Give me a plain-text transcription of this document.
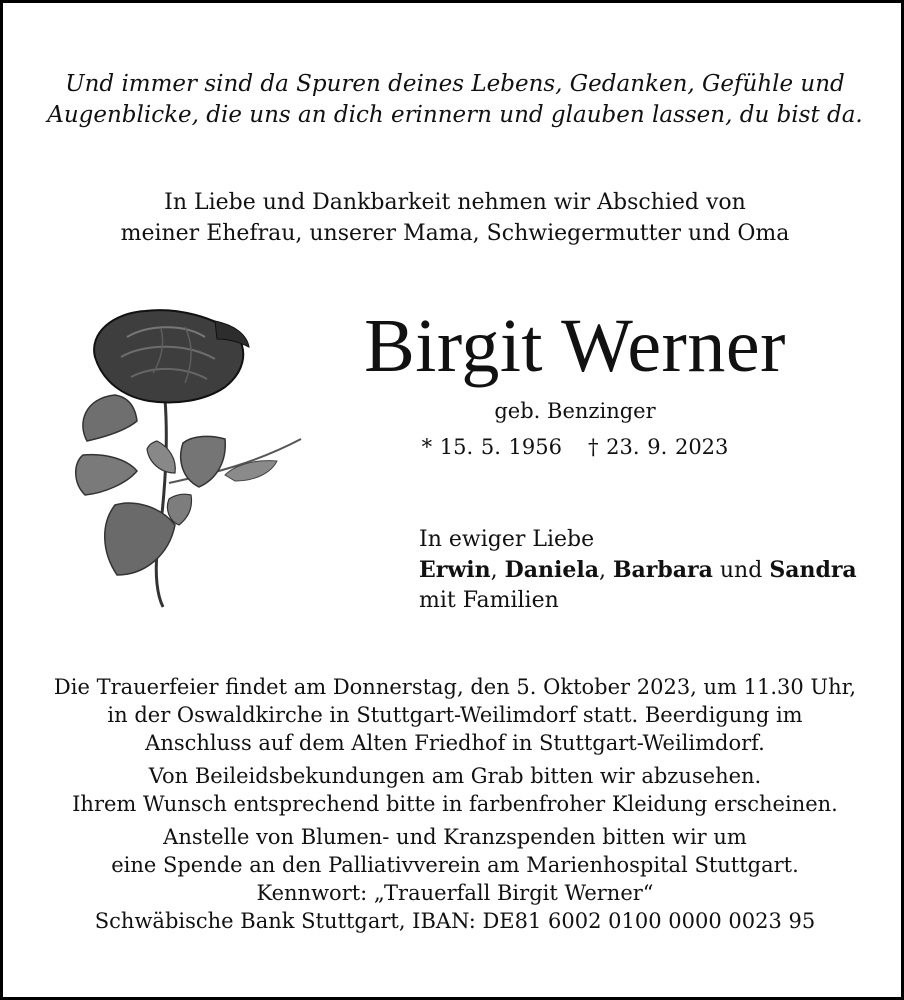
Und immer sind da Spuren deines Lebens, Gedanken, Gefühle und
Augenblicke, die uns an dich erinnern und glauben lassen, du bist da.
In Liebe und Dankbarkeit nehmen wir Abschied von
meiner Ehefrau, unserer Mama, Schwiegermutter und Oma
Birgit Werner
geb. Benzinger
* 15. 5. 1956 † 23. 9. 2023
In ewiger Liebe
Erwin, Daniela, Barbara und Sandra
mit Familien

Die Trauerfeier findet am Donnerstag, den 5. Oktober 2023, um 11.30 Uhr,

in der Oswaldkirche in Stuttgart-Weilimdorf statt. Beerdigung im

Anschluss auf dem Alten Friedhof in Stuttgart-Weilimdorf.

Von Beileidsbekundungen am Grab bitten wir abzusehen.

Ihrem Wunsch entsprechend bitte in farbenfroher Kleidung erscheinen.

Anstelle von Blumen- und Kranzspenden bitten wir um

eine Spende an den Palliativverein am Marienhospital Stuttgart.

Kennwort: „Trauerfall Birgit Werner“

Schwäbische Bank Stuttgart, IBAN: DE81 6002 0100 0000 0023 95
